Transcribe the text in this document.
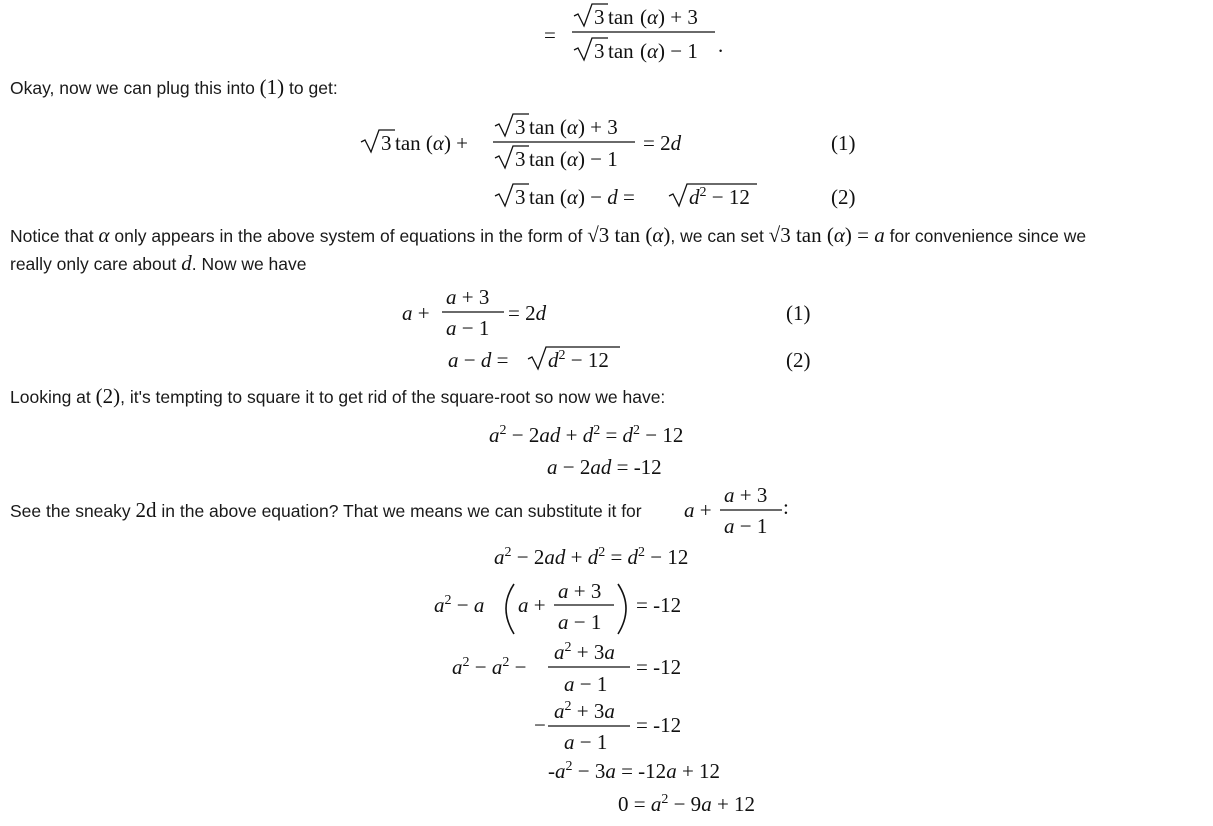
=
3 tan (α) + 3
3 tan (α) − 1 .
Okay, now we can plug this into (1) to get:
3 tan (α) +
3 tan (α) + 3
3 tan (α) − 1
= 2d	(1)
3 tan (α) − d =	$d^2 - 12$	(2)
Notice that α only appears in the above system of equations in the form of √3 tan (α), we can set √3 tan (α) = a for convenience since we
really only care about d. Now we have
a +
a + 3
a − 1
= 2d	(1)
$a - d = d^2 - 12$	(2)
Looking at (2), it's tempting to square it to get rid of the square-root so now we have:
$a^2 - 2ad + d^2 = d^2 - 12$
a − 2ad = -12
See the sneaky 2d in the above equation? That we means we can substitute it for a +
a + 3
a − 1
:
$a^2 - 2ad + d^2 = d^2 - 12$
$a^2 - a$ a +
a + 3
a − 1
= -12
$a^2 - a^2$ −
$a^2 + 3a$
a − 1
= -12
−
$a^2 + 3a$
a − 1
= -12
$-a^2 - 3a = -12a + 12$
$0 = a^2 - 9a + 12$
